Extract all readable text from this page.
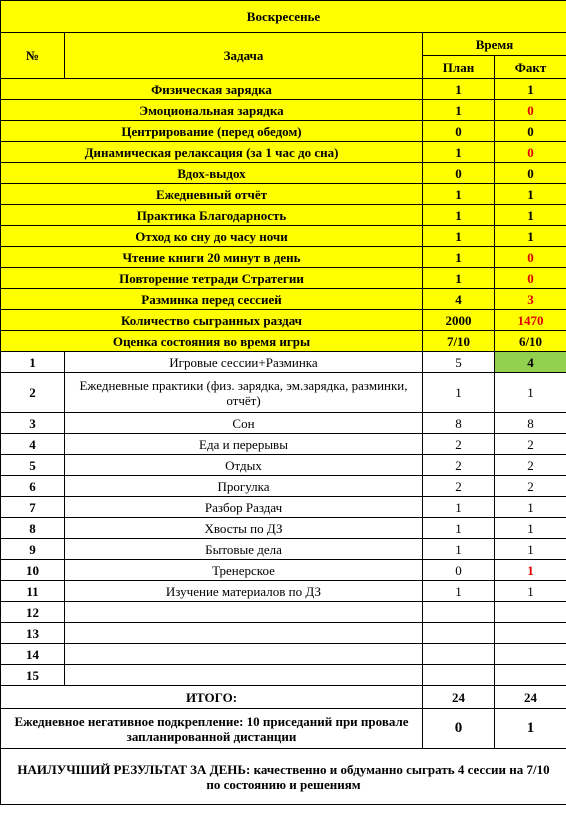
Воскресенье			
№	Задача	Время	
		План	Факт
Физическая зарядка		1	1
Эмоциональная зарядка		1	0
Центрирование (перед обедом)		0	0
Динамическая релаксация (за 1 час до сна)		1	0
Вдох-выдох		0	0
Ежедневный отчёт		1	1
Практика Благодарность		1	1
Отход ко сну до часу ночи		1	1
Чтение книги 20 минут в день		1	0
Повторение тетради Стратегии		1	0
Разминка перед сессией		4	3
Количество сыгранных раздач		2000	1470
Оценка состояния во время игры		7/10	6/10
1	Игровые сессии+Разминка	5	4
2	Ежедневные практики (физ. зарядка, эм.зарядка, разминки, отчёт)	1	1
3	Сон	8	8
4	Еда и перерывы	2	2
5	Отдых	2	2
6	Прогулка	2	2
7	Разбор Раздач	1	1
8	Хвосты по ДЗ	1	1
9	Бытовые дела	1	1
10	Тренерское	0	1
11	Изучение материалов по ДЗ	1	1
12			
13			
14			
15			
ИТОГО:		24	24
Ежедневное негативное подкрепление: 10 приседаний при провале запланированной дистанции		0	1
НАИЛУЧШИЙ РЕЗУЛЬТАТ ЗА ДЕНЬ: качественно и обдуманно сыграть 4 сессии на 7/10 по состоянию и решениям			
